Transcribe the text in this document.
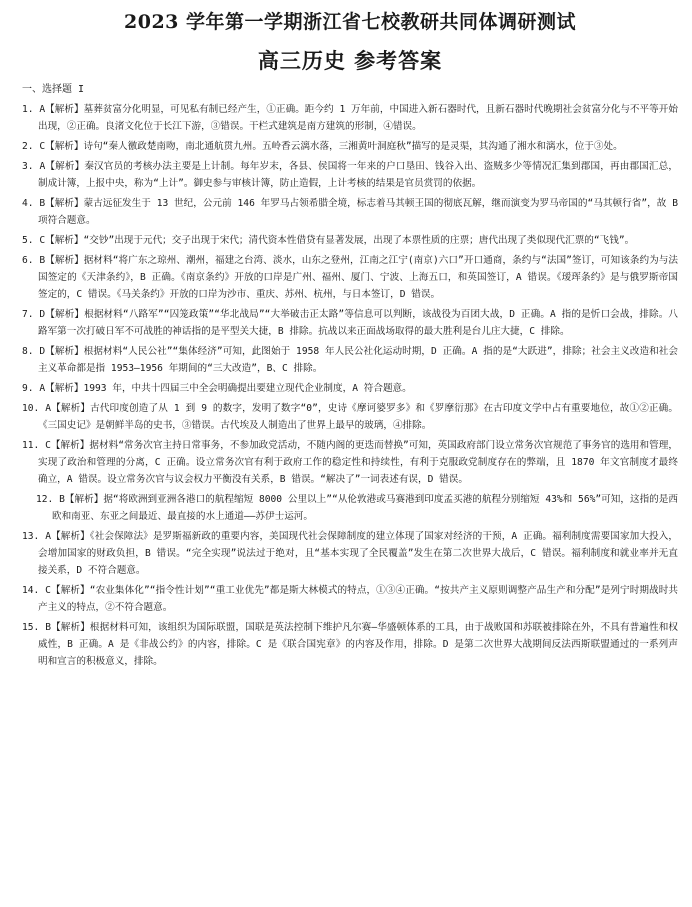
2023 学年第一学期浙江省七校教研共同体调研测试
高三历史 参考答案
一、选择题 I
1. A【解析】墓葬贫富分化明显，可见私有制已经产生，①正确。距今约 1 万年前，中国进入新石器时代，且新石器时代晚期社会贫富分化与不平等开始出现，②正确。良渚文化位于长江下游，③错误。干栏式建筑是南方建筑的形制，④错误。
2. C【解析】诗句“秦人徼政楚南吻，南北通航贯九州。五岭香云漓水落，三湘黄叶洞庭秋”描写的是灵渠，其沟通了湘水和漓水，位于③处。
3. A【解析】秦汉官员的考核办法主要是上计制。每年岁末，各县、侯国将一年来的户口垦田、钱谷入出、盗贼多少等情况汇集到郡国，再由郡国汇总，制成计簿，上报中央，称为“上计”。御史参与审核计簿，防止造假，上计考核的结果是官员赏罚的依据。
4. B【解析】蒙古远征发生于 13 世纪，公元前 146 年罗马占领希腊全境，标志着马其顿王国的彻底瓦解，继而演变为罗马帝国的“马其顿行省”，故 B 项符合题意。
5. C【解析】“交钞”出现于元代；交子出现于宋代；清代资本性借贷有显著发展，出现了本票性质的庄票；唐代出现了类似现代汇票的“飞钱”。
6. B【解析】据材料“将广东之琼州、潮州，福建之台湾、淡水，山东之登州，江南之江宁(南京)六口”开口通商，条约与“法国”签订，可知该条约为与法国签定的《天津条约》，B 正确。《南京条约》开放的口岸是广州、福州、厦门、宁波、上海五口，和英国签订，A 错误。《瑷珲条约》是与俄罗斯帝国签定的，C 错误。《马关条约》开放的口岸为沙市、重庆、苏州、杭州，与日本签订，D 错误。
7. D【解析】根据材料“八路军”“囚笼政策”“华北战局”“大举破击正太路”等信息可以判断，该战役为百团大战，D 正确。A 指的是忻口会战，排除。八路军第一次打破日军不可战胜的神话指的是平型关大捷，B 排除。抗战以来正面战场取得的最大胜利是台儿庄大捷，C 排除。
8. D【解析】根据材料“人民公社”“集体经济”可知，此图始于 1958 年人民公社化运动时期，D 正确。A 指的是“大跃进”，排除；社会主义改造和社会主义革命都是指 1953—1956 年期间的“三大改造”，B、C 排除。
9. A【解析】1993 年，中共十四届三中全会明确提出要建立现代企业制度，A 符合题意。
10. A【解析】古代印度创造了从 1 到 9 的数字，发明了数字“0”，史诗《摩诃婆罗多》和《罗摩衍那》在古印度文学中占有重要地位，故①②正确。《三国史记》是朝鲜半岛的史书，③错误。古代埃及人制造出了世界上最早的玻璃，④排除。
11. C【解析】据材料“常务次官主持日常事务，不参加政党活动，不随内阁的更迭而替换”可知，英国政府部门设立常务次官规范了事务官的选用和管理，实现了政治和管理的分离，C 正确。设立常务次官有利于政府工作的稳定性和持续性，有利于克服政党制度存在的弊端，且 1870 年文官制度才最终确立，A 错误。设立常务次官与议会权力平衡没有关系，B 错误。“解决了”一词表述有误，D 错误。
12. B【解析】据“将欧洲到亚洲各港口的航程缩短 8000 公里以上”“从伦敦港或马赛港到印度孟买港的航程分别缩短 43%和 56%”可知，这指的是西欧和南亚、东亚之间最近、最直接的水上通道——苏伊士运河。
13. A【解析】《社会保障法》是罗斯福新政的重要内容，美国现代社会保障制度的建立体现了国家对经济的干预，A 正确。福利制度需要国家加大投入，会增加国家的财政负担，B 错误。“完全实现”说法过于绝对，且“基本实现了全民覆盖”发生在第二次世界大战后，C 错误。福利制度和就业率并无直接关系，D 不符合题意。
14. C【解析】“农业集体化”“指令性计划”“重工业优先”都是斯大林模式的特点，①③④正确。“按共产主义原则调整产品生产和分配”是列宁时期战时共产主义的特点，②不符合题意。
15. B【解析】根据材料可知，该组织为国际联盟，国联是英法控制下维护凡尔赛—华盛顿体系的工具，由于战败国和苏联被排除在外，不具有普遍性和权威性，B 正确。A 是《非战公约》的内容，排除。C 是《联合国宪章》的内容及作用，排除。D 是第二次世界大战期间反法西斯联盟通过的一系列声明和宣言的积极意义，排除。
